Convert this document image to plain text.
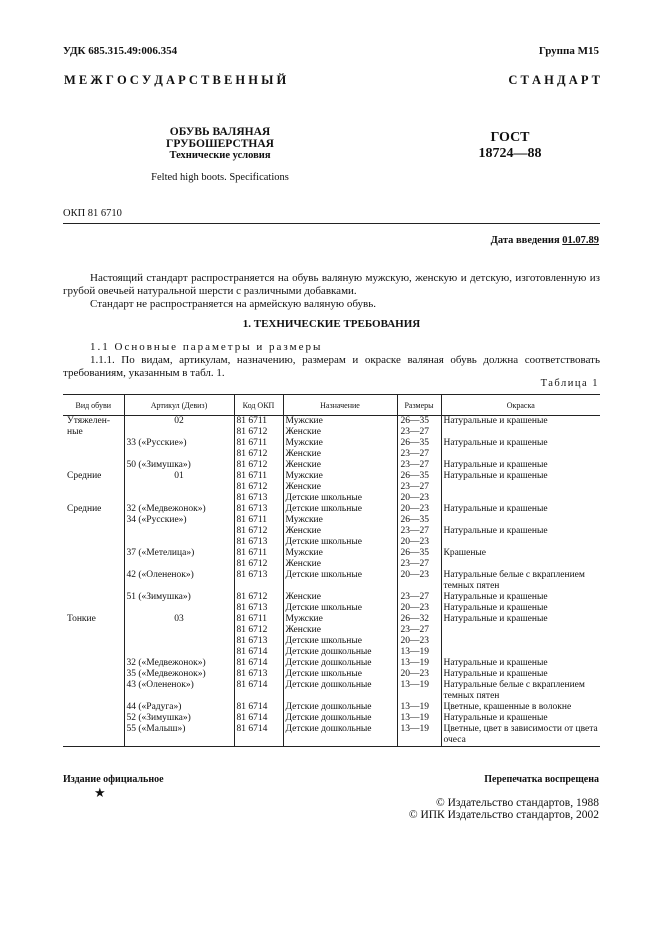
УДК 685.315.49:006.354	Группа М15
М Е Ж Г О С У Д А Р С Т В Е Н Н Ы Й	С Т А Н Д А Р Т
ОБУВЬ ВАЛЯНАЯ ГРУБОШЕРСТНАЯ
Технические условия
Felted high boots. Specifications
ГОСТ
18724—88
ОКП 81 6710
Дата введения 01.07.89
Настоящий стандарт распространяется на обувь валяную мужскую, женскую и детскую, изготовленную из грубой овечьей натуральной шерсти с различными добавками.
Стандарт не распространяется на армейскую валяную обувь.
1. ТЕХНИЧЕСКИЕ ТРЕБОВАНИЯ
1.1 Основные параметры и размеры
1.1.1. По видам, артикулам, назначению, размерам и окраске валяная обувь должна соответствовать требованиям, указанным в табл. 1.
Таблица 1
Вид обуви	Артикул (Девиз)	Код ОКП	Назначение	Размеры	Окраска
Утяжелен-	02	81 6711	Мужские	26—35	Натуральные и крашеные
ные		81 6712	Женские	23—27	
	33 («Русские»)	81 6711	Мужские	26—35	Натуральные и крашеные
		81 6712	Женские	23—27	
	50 («Зимушка»)	81 6712	Женские	23—27	Натуральные и крашеные
Средние	01	81 6711	Мужские	26—35	Натуральные и крашеные
		81 6712	Женские	23—27	
		81 6713	Детские школьные	20—23	
Средние	32 («Медвежонок»)	81 6713	Детские школьные	20—23	Натуральные и крашеные
	34 («Русские»)	81 6711	Мужские	26—35	
		81 6712	Женские	23—27	Натуральные и крашеные
		81 6713	Детские школьные	20—23	
	37 («Метелица»)	81 6711	Мужские	26—35	Крашеные
		81 6712	Женские	23—27	
	42 («Олененок»)	81 6713	Детские школьные	20—23	Натуральные белые с вкраплением темных пятен
	51 («Зимушка»)	81 6712	Женские	23—27	Натуральные и крашеные
		81 6713	Детские школьные	20—23	Натуральные и крашеные
Тонкие	03	81 6711	Мужские	26—32	Натуральные и крашеные
		81 6712	Женские	23—27	
		81 6713	Детские школьные	20—23	
		81 6714	Детские дошкольные	13—19	
	32 («Медвежонок»)	81 6714	Детские дошкольные	13—19	Натуральные и крашеные
	35 («Медвежонок»)	81 6713	Детские школьные	20—23	Натуральные и крашеные
	43 («Олененок»)	81 6714	Детские дошкольные	13—19	Натуральные белые с вкраплением темных пятен
	44 («Радуга»)	81 6714	Детские дошкольные	13—19	Цветные, крашенные в волокне
	52 («Зимушка»)	81 6714	Детские дошкольные	13—19	Натуральные и крашеные
	55 («Малыш»)	81 6714	Детские дошкольные	13—19	Цветные, цвет в зависимости от цвета очеса
Издание официальное	Перепечатка воспрещена
★
© Издательство стандартов, 1988
© ИПК Издательство стандартов, 2002
